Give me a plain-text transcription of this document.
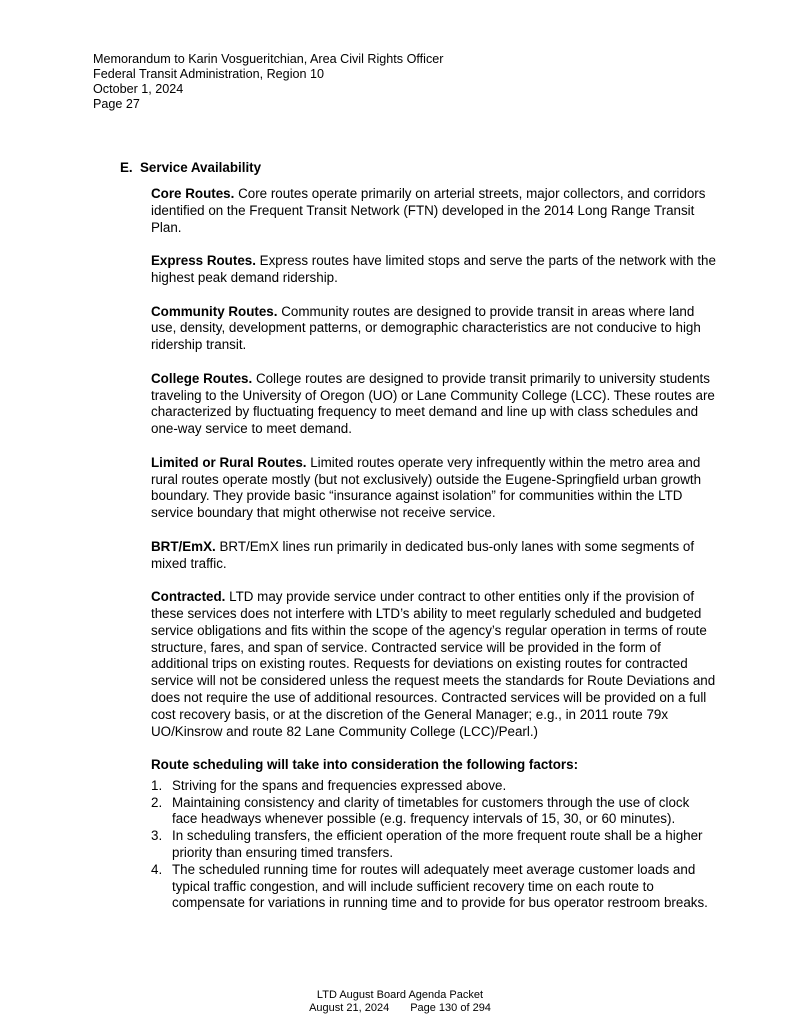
Memorandum to Karin Vosgueritchian, Area Civil Rights Officer
Federal Transit Administration, Region 10
October 1, 2024
Page 27
E. Service Availability

Core Routes. Core routes operate primarily on arterial streets, major collectors, and corridors identified on the Frequent Transit Network (FTN) developed in the 2014 Long Range Transit Plan.

Express Routes. Express routes have limited stops and serve the parts of the network with the highest peak demand ridership.

Community Routes. Community routes are designed to provide transit in areas where land use, density, development patterns, or demographic characteristics are not conducive to high ridership transit.

College Routes. College routes are designed to provide transit primarily to university students traveling to the University of Oregon (UO) or Lane Community College (LCC). These routes are characterized by fluctuating frequency to meet demand and line up with class schedules and one-way service to meet demand.

Limited or Rural Routes. Limited routes operate very infrequently within the metro area and rural routes operate mostly (but not exclusively) outside the Eugene-Springfield urban growth boundary. They provide basic “insurance against isolation” for communities within the LTD service boundary that might otherwise not receive service.

BRT/EmX. BRT/EmX lines run primarily in dedicated bus-only lanes with some segments of mixed traffic.

Contracted. LTD may provide service under contract to other entities only if the provision of these services does not interfere with LTD’s ability to meet regularly scheduled and budgeted service obligations and fits within the scope of the agency’s regular operation in terms of route structure, fares, and span of service. Contracted service will be provided in the form of additional trips on existing routes. Requests for deviations on existing routes for contracted service will not be considered unless the request meets the standards for Route Deviations and does not require the use of additional resources. Contracted services will be provided on a full cost recovery basis, or at the discretion of the General Manager; e.g., in 2011 route 79x UO/Kinsrow and route 82 Lane Community College (LCC)/Pearl.)

Route scheduling will take into consideration the following factors:

1. Striving for the spans and frequencies expressed above.
2. Maintaining consistency and clarity of timetables for customers through the use of clock face headways whenever possible (e.g. frequency intervals of 15, 30, or 60 minutes).
3. In scheduling transfers, the efficient operation of the more frequent route shall be a higher priority than ensuring timed transfers.
4. The scheduled running time for routes will adequately meet average customer loads and typical traffic congestion, and will include sufficient recovery time on each route to compensate for variations in running time and to provide for bus operator restroom breaks.
LTD August Board Agenda Packet
August 21, 2024 Page 130 of 294
